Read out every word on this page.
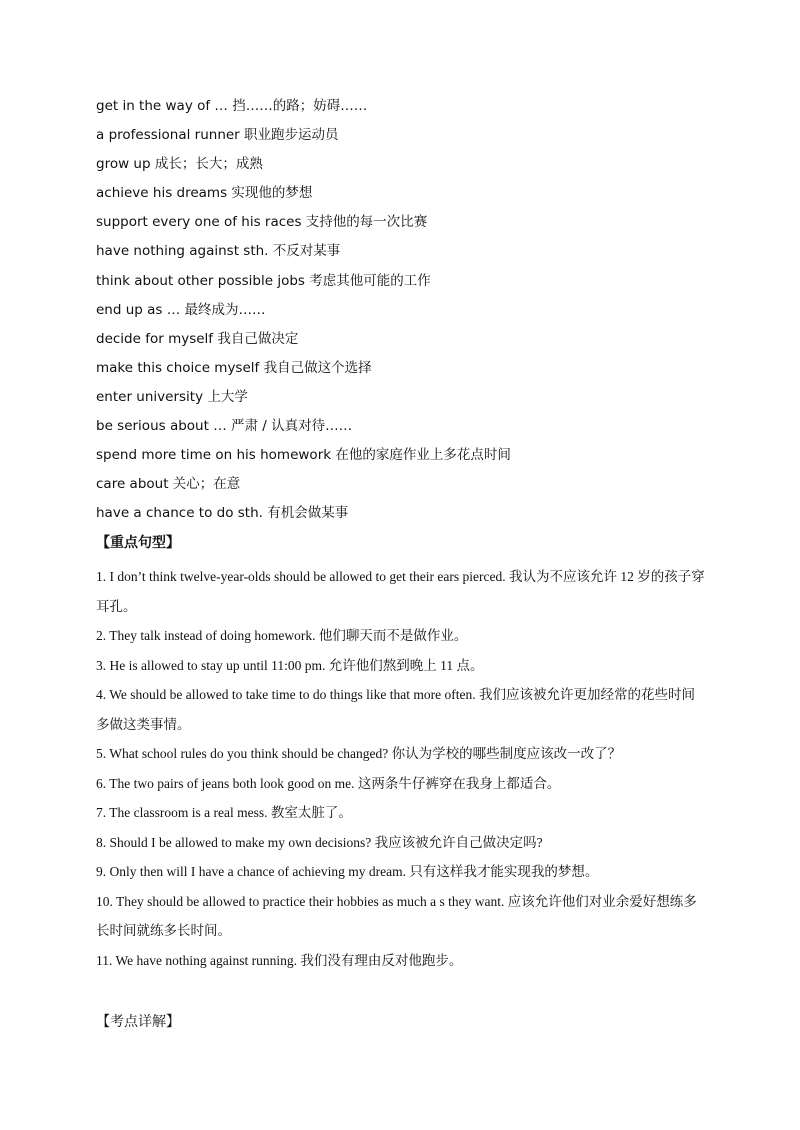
get in the way of … 挡……的路；妨碍……
a professional runner 职业跑步运动员
grow up 成长；长大；成熟
achieve his dreams 实现他的梦想
support every one of his races 支持他的每一次比赛
have nothing against sth. 不反对某事
think about other possible jobs 考虑其他可能的工作
end up as … 最终成为……
decide for myself 我自己做决定
make this choice myself 我自己做这个选择
enter university 上大学
be serious about … 严肃 / 认真对待……
spend more time on his homework 在他的家庭作业上多花点时间
care about 关心；在意
have a chance to do sth. 有机会做某事
【重点句型】
1. I don’t think twelve-year-olds should be allowed to get their ears pierced. 我认为不应该允许 12 岁的孩子穿耳孔。
2. They talk instead of doing homework. 他们聊天而不是做作业。
3. He is allowed to stay up until 11:00 pm. 允许他们熬到晚上 11 点。
4. We should be allowed to take time to do things like that more often. 我们应该被允许更加经常的花些时间多做这类事情。
5. What school rules do you think should be changed? 你认为学校的哪些制度应该改一改了？
6. The two pairs of jeans both look good on me. 这两条牛仔裤穿在我身上都适合。
7. The classroom is a real mess. 教室太脏了。
8. Should I be allowed to make my own decisions? 我应该被允许自己做决定吗?
9. Only then will I have a chance of achieving my dream. 只有这样我才能实现我的梦想。
10. They should be allowed to practice their hobbies as much a s they want. 应该允许他们对业余爱好想练多长时间就练多长时间。
11. We have nothing against running. 我们没有理由反对他跑步。
【考点详解】
